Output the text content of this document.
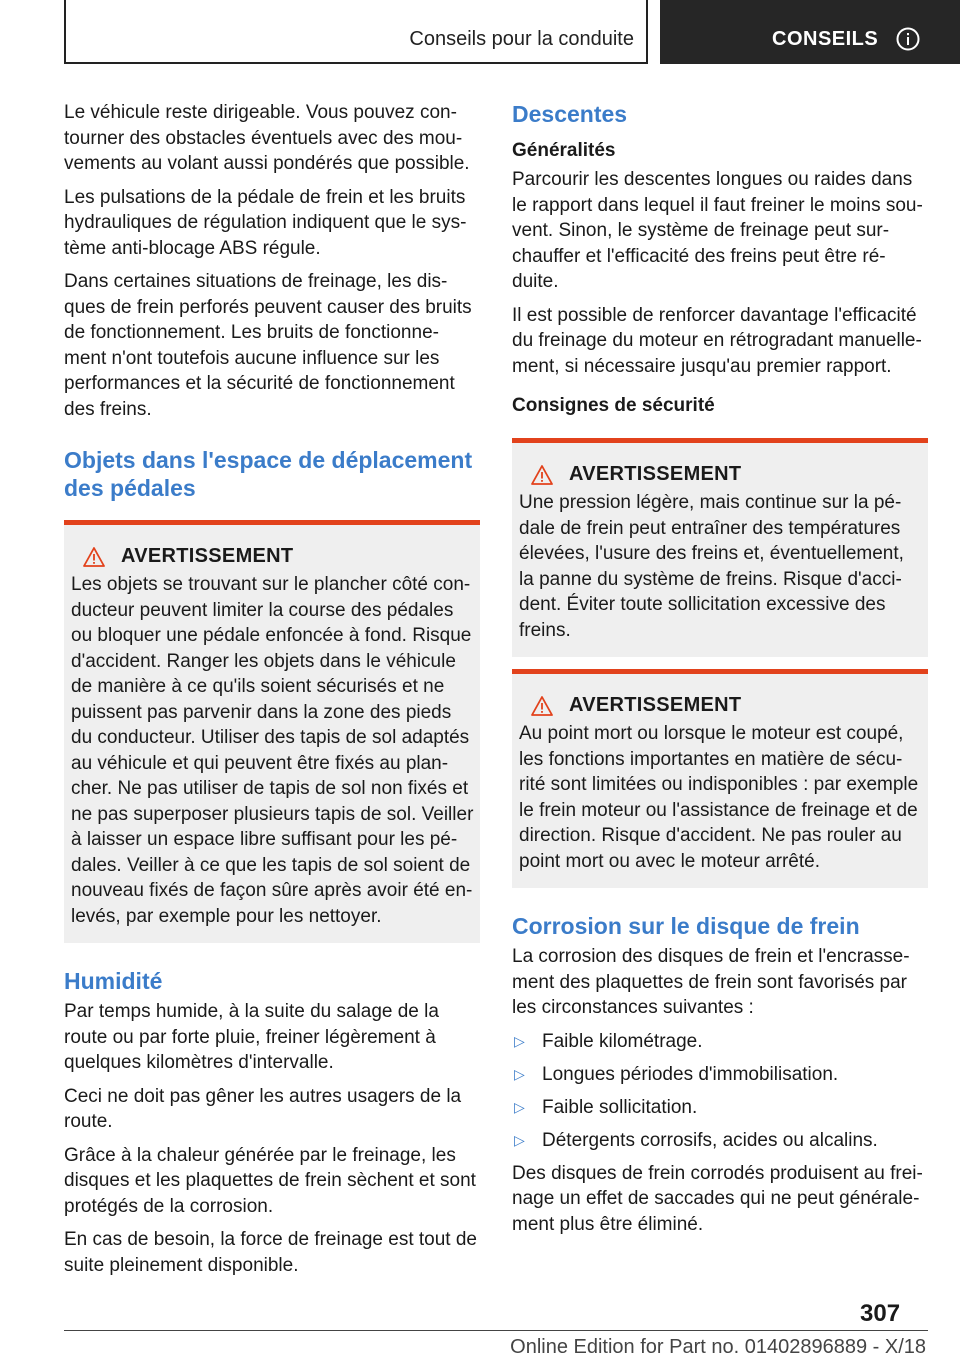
Conseils pour la conduite	CONSEILS

Le véhicule reste dirigeable. Vous pouvez con-tourner des obstacles éventuels avec des mou-vements au volant aussi pondérés que possible.

Les pulsations de la pédale de frein et les bruits hydrauliques de régulation indiquent que le sys-tème anti-blocage ABS régule.

Dans certaines situations de freinage, les dis-ques de frein perforés peuvent causer des bruits de fonctionnement. Les bruits de fonctionne-ment n'ont toutefois aucune influence sur les performances et la sécurité de fonctionnement des freins.

Objets dans l'espace de déplacement des pédales
AVERTISSEMENT

Les objets se trouvant sur le plancher côté con-ducteur peuvent limiter la course des pédales ou bloquer une pédale enfoncée à fond. Risque d'accident. Ranger les objets dans le véhicule de manière à ce qu'ils soient sécurisés et ne puissent pas parvenir dans la zone des pieds du conducteur. Utiliser des tapis de sol adaptés au véhicule et qui peuvent être fixés au plan-cher. Ne pas utiliser de tapis de sol non fixés et ne pas superposer plusieurs tapis de sol. Veiller à laisser un espace libre suffisant pour les pé-dales. Veiller à ce que les tapis de sol soient de nouveau fixés de façon sûre après avoir été en-levés, par exemple pour les nettoyer.

Humidité

Par temps humide, à la suite du salage de la route ou par forte pluie, freiner légèrement à quelques kilomètres d'intervalle.

Ceci ne doit pas gêner les autres usagers de la route.

Grâce à la chaleur générée par le freinage, les disques et les plaquettes de frein sèchent et sont protégés de la corrosion.

En cas de besoin, la force de freinage est tout de suite pleinement disponible.

Descentes
Généralités

Parcourir les descentes longues ou raides dans le rapport dans lequel il faut freiner le moins sou-vent. Sinon, le système de freinage peut sur-chauffer et l'efficacité des freins peut être ré-duite.

Il est possible de renforcer davantage l'efficacité du freinage du moteur en rétrogradant manuelle-ment, si nécessaire jusqu'au premier rapport.

Consignes de sécurité
AVERTISSEMENT

Une pression légère, mais continue sur la pé-dale de frein peut entraîner des températures élevées, l'usure des freins et, éventuellement, la panne du système de freins. Risque d'acci-dent. Éviter toute sollicitation excessive des freins.

AVERTISSEMENT

Au point mort ou lorsque le moteur est coupé, les fonctions importantes en matière de sécu-rité sont limitées ou indisponibles : par exemple le frein moteur ou l'assistance de freinage et de direction. Risque d'accident. Ne pas rouler au point mort ou avec le moteur arrêté.

Corrosion sur le disque de frein

La corrosion des disques de frein et l'encrasse-ment des plaquettes de frein sont favorisés par les circonstances suivantes :

▷ Faible kilométrage.
▷ Longues périodes d'immobilisation.
▷ Faible sollicitation.
▷ Détergents corrosifs, acides ou alcalins.

Des disques de frein corrodés produisent au frei-nage un effet de saccades qui ne peut générale-ment plus être éliminé.

307
Online Edition for Part no. 01402896889 - X/18
